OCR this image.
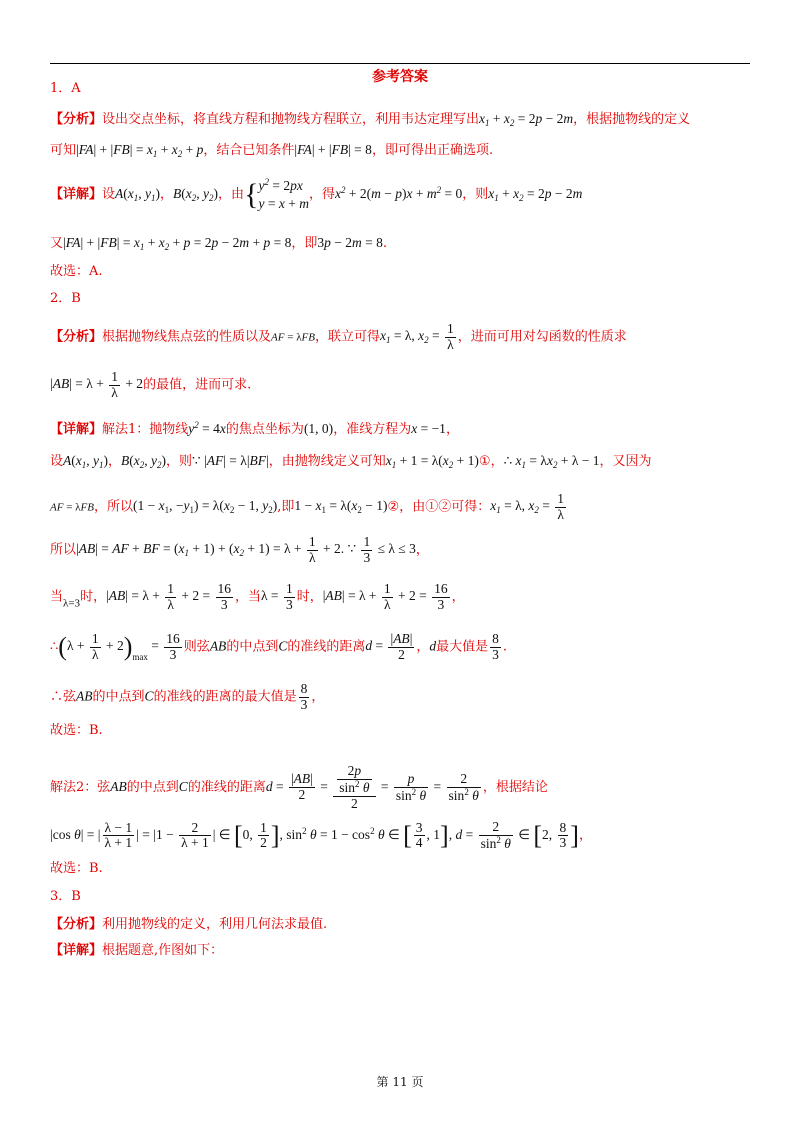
参考答案
1．A
【分析】设出交点坐标，将直线方程和抛物线方程联立，利用韦达定理写出$x_1 + x_2 = 2p - 2m$，根据抛物线的定义
可知$|FA| + |FB| = x_1 + x_2 + p$，结合已知条件|FA| + |FB| = 8，即可得出正确选项.
【详解】设$A(x_1$, $y_1$)，$B(x_2$, $y_2$)，由{ $y^2 = 2px$
y = x + m
，得$x^2 + 2(m - p)x + m^2 = 0$，则$x_1 + x_2 = 2p - 2m$
又$|FA| + |FB| = x_1 + x_2 + p = 2p - 2m + p = 8$，即3p − 2m = 8.
故选：A.
2．B
【分析】根据抛物线焦点弦的性质以及AF = λFB，联立可得$x_1 = \lambda$, $x_2 = \frac{1}{\lambda}$ ，进而可用对勾函数的性质求
$|AB| = \lambda + \frac{1}{\lambda} + 2$的最值，进而可求.
【详解】解法1：抛物线$y^2 = 4x$的焦点坐标为(1, 0)，准线方程为x = −1，
设$A(x_1$, $y_1$)，$B(x_2$, $y_2$)，则∵ |AF| = λ|BF|，由抛物线定义可知$x_1 + 1 = \lambda(x_2$ + 1)①，∴ $x_1 = \lambda x_2 + \lambda - 1$，又因为
AF = λFB，所以($1 - x_1$, $-y_1) = \lambda(x_2 - 1$, $y_2$),即$1 - x_1 = \lambda(x_2$ − 1)②，由①②可得：$x_1 = \lambda$, $x_2 = \frac{1}{\lambda}$
所以|AB| = AF + BF = $(x_1 + 1) + (x_2 + 1) = \lambda + \frac{1}{\lambda} + 2$. ∵ $\frac{1}{3} \le \lambda \le 3$，
当$_{\lambda=3}$时，$|AB| = \lambda + \frac{1}{\lambda} + 2 = \frac{16}{3}$ ，当$\lambda = \frac{1}{3}$ 时，$|AB| = \lambda + \frac{1}{\lambda} + 2 = \frac{16}{3}$ ，
∴(λ + $\frac{1}{\lambda} + 2)_{max} = \frac{16}{3}$ 则弦AB的中点到C的准线的距离$d = \frac{|AB|}{2}$ ，d最大值是 $\frac{8}{3}$ .
∴弦AB的中点到C的准线的距离的最大值是 $\frac{8}{3}$ ，
故选：B.
解法2：弦AB的中点到C的准线的距离$d = \frac{|AB|}{2} = \frac{\frac{2p}{\sin^2 \theta}}{2} = \frac{p}{\sin^2 \theta} = \frac{2}{\sin^2 \theta}$ ，根据结论
|cos θ| = | $\frac{\lambda - 1}{\lambda + 1}$ | = $|1 - \frac{2}{\lambda + 1}$ | ∈ [0, $\frac{1}{2}$ ], $\sin^2 \theta = 1 - \cos^2 \theta$ ∈ [ $\frac{3}{4}$ , 1], $d = \frac{2}{\sin^2 \theta}$ ∈ [2, $\frac{8}{3}$ ]，
故选：B.
3．B
【分析】利用抛物线的定义，利用几何法求最值.
【详解】根据题意,作图如下：
第 11 页
